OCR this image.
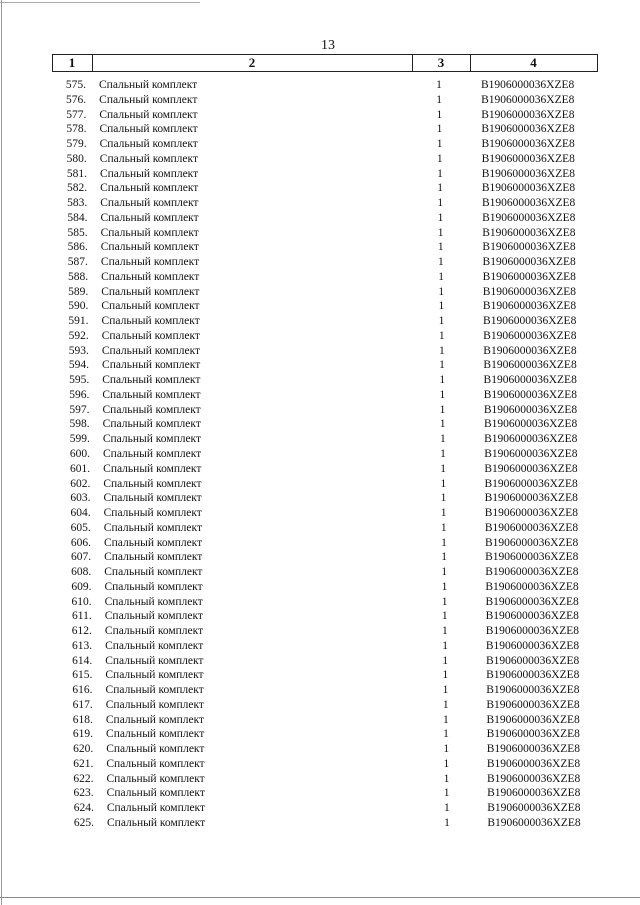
13
1	2	3	4
575. Спальный комплект	1	B1906000036XZE8
576. Спальный комплект	1	B1906000036XZE8
577. Спальный комплект	1	B1906000036XZE8
578. Спальный комплект	1	B1906000036XZE8
579. Спальный комплект	1	B1906000036XZE8
580. Спальный комплект	1	B1906000036XZE8
581. Спальный комплект	1	B1906000036XZE8
582. Спальный комплект	1	B1906000036XZE8
583. Спальный комплект	1	B1906000036XZE8
584. Спальный комплект	1	B1906000036XZE8
585. Спальный комплект	1	B1906000036XZE8
586. Спальный комплект	1	B1906000036XZE8
587. Спальный комплект	1	B1906000036XZE8
588. Спальный комплект	1	B1906000036XZE8
589. Спальный комплект	1	B1906000036XZE8
590. Спальный комплект	1	B1906000036XZE8
591. Спальный комплект	1	B1906000036XZE8
592. Спальный комплект	1	B1906000036XZE8
593. Спальный комплект	1	B1906000036XZE8
594. Спальный комплект	1	B1906000036XZE8
595. Спальный комплект	1	B1906000036XZE8
596. Спальный комплект	1	B1906000036XZE8
597. Спальный комплект	1	B1906000036XZE8
598. Спальный комплект	1	B1906000036XZE8
599. Спальный комплект	1	B1906000036XZE8
600. Спальный комплект	1	B1906000036XZE8
601. Спальный комплект	1	B1906000036XZE8
602. Спальный комплект	1	B1906000036XZE8
603. Спальный комплект	1	B1906000036XZE8
604. Спальный комплект	1	B1906000036XZE8
605. Спальный комплект	1	B1906000036XZE8
606. Спальный комплект	1	B1906000036XZE8
607. Спальный комплект	1	B1906000036XZE8
608. Спальный комплект	1	B1906000036XZE8
609. Спальный комплект	1	B1906000036XZE8
610. Спальный комплект	1	B1906000036XZE8
611. Спальный комплект	1	B1906000036XZE8
612. Спальный комплект	1	B1906000036XZE8
613. Спальный комплект	1	B1906000036XZE8
614. Спальный комплект	1	B1906000036XZE8
615. Спальный комплект	1	B1906000036XZE8
616. Спальный комплект	1	B1906000036XZE8
617. Спальный комплект	1	B1906000036XZE8
618. Спальный комплект	1	B1906000036XZE8
619. Спальный комплект	1	B1906000036XZE8
620. Спальный комплект	1	B1906000036XZE8
621. Спальный комплект	1	B1906000036XZE8
622. Спальный комплект	1	B1906000036XZE8
623. Спальный комплект	1	B1906000036XZE8
624. Спальный комплект	1	B1906000036XZE8
625. Спальный комплект	1	B1906000036XZE8
